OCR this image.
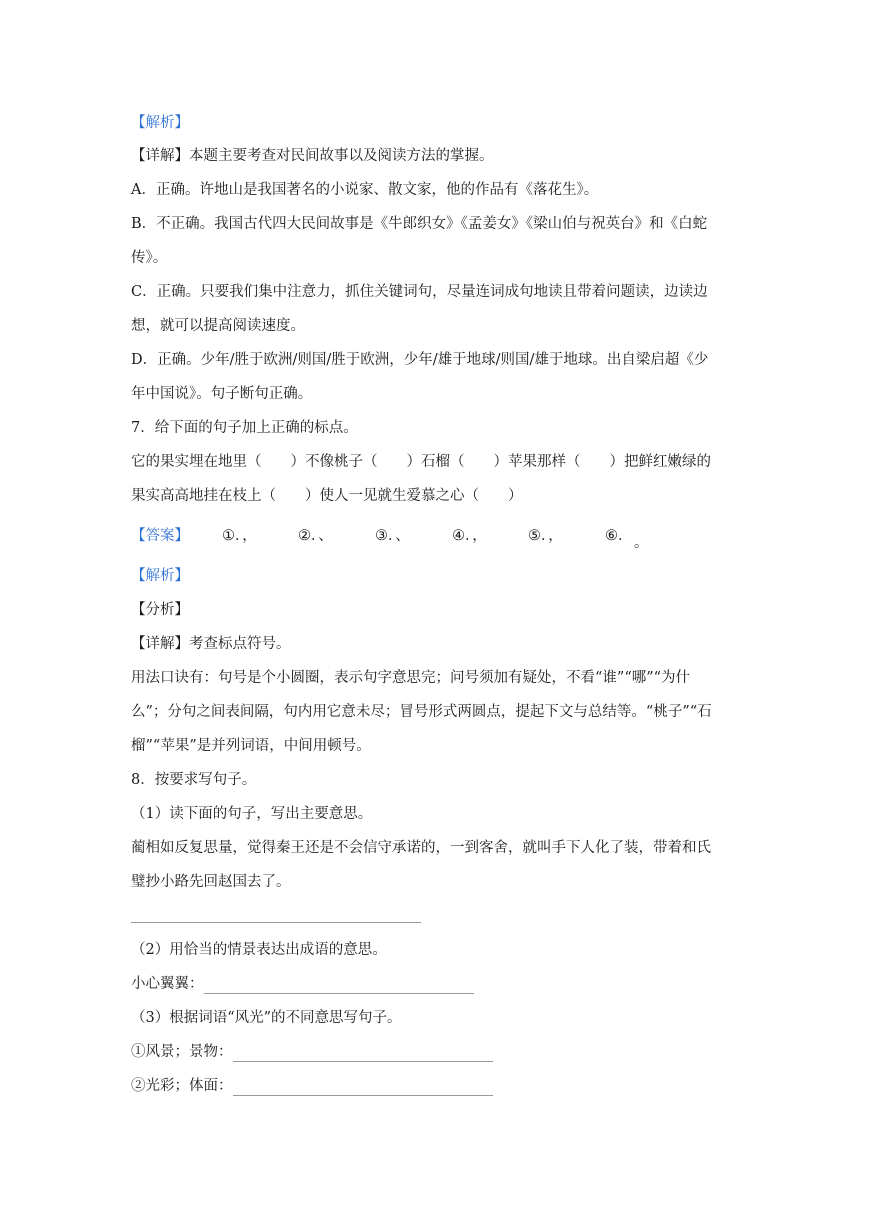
【解析】
【详解】本题主要考查对民间故事以及阅读方法的掌握。
A．正确。许地山是我国著名的小说家、散文家，他的作品有《落花生》。
B．不正确。我国古代四大民间故事是《牛郎织女》《孟姜女》《梁山伯与祝英台》和《白蛇
传》。
C．正确。只要我们集中注意力，抓住关键词句，尽量连词成句地读且带着问题读，边读边
想，就可以提高阅读速度。
D．正确。少年/胜于欧洲/则国/胜于欧洲，少年/雄于地球/则国/雄于地球。出自梁启超《少
年中国说》。句子断句正确。
7．给下面的句子加上正确的标点。
它的果实埋在地里（　　）不像桃子（　　）石榴（　　）苹果那样（　　）把鲜红嫩绿的
果实高高地挂在枝上（　　）使人一见就生爱慕之心（　　）
【答案】 ①．，	②．、	③．、	④．，	⑤．，	⑥． 。
【解析】
【分析】
【详解】考查标点符号。
用法口诀有：句号是个小圆圈，表示句字意思完；问号须加有疑处，不看“谁”“哪”“为什
么”；分句之间表间隔，句内用它意未尽；冒号形式两圆点，提起下文与总结等。“桃子”“石
榴”“苹果”是并列词语，中间用顿号。
8．按要求写句子。
（1）读下面的句子，写出主要意思。
蔺相如反复思量，觉得秦王还是不会信守承诺的，一到客舍，就叫手下人化了装，带着和氏
璧抄小路先回赵国去了。
（2）用恰当的情景表达出成语的意思。
小心翼翼：
（3）根据词语“风光”的不同意思写句子。
①风景；景物：
②光彩；体面：
